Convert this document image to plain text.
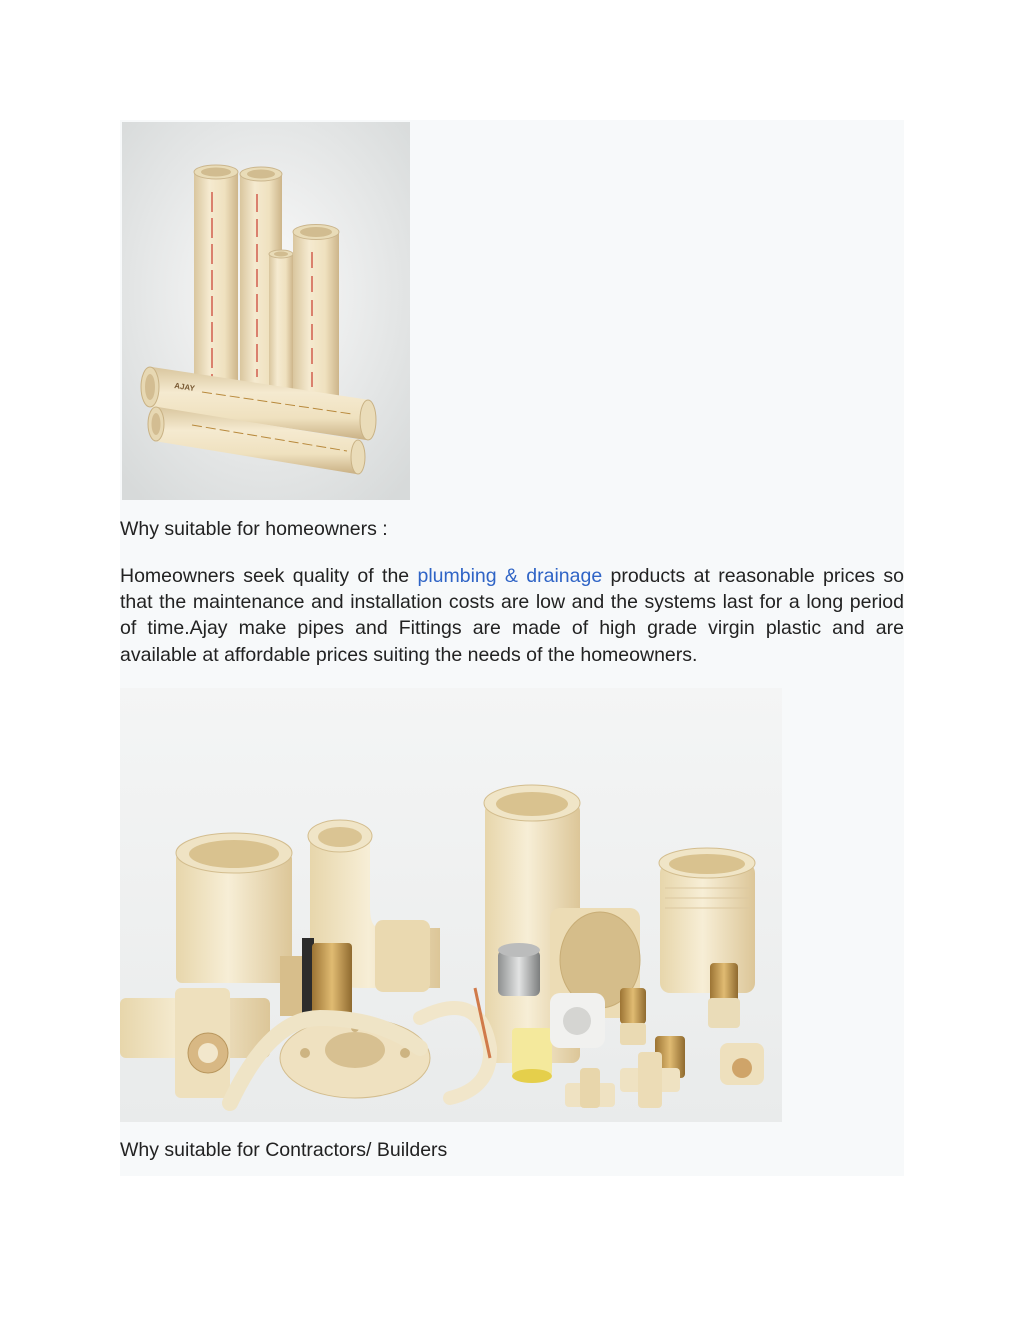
AJAY
Why suitable for homeowners :

Homeowners seek quality of the plumbing & drainage products at reasonable prices so that the maintenance and installation costs are low and the systems last for a long period of time.Ajay make pipes and Fittings are made of high grade virgin plastic and are available at affordable prices suiting the needs of the homeowners.

Why suitable for Contractors/ Builders
